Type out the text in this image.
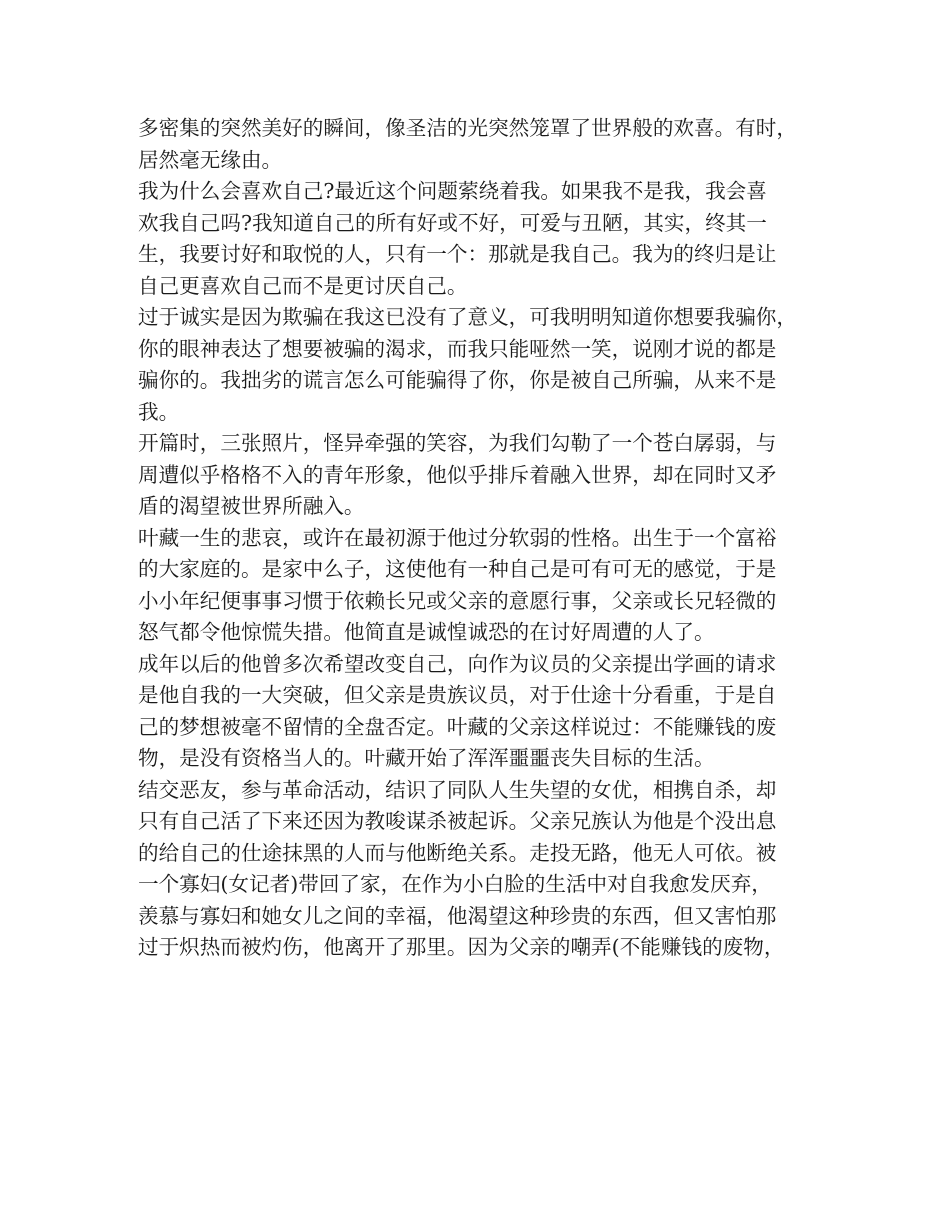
多密集的突然美好的瞬间，像圣洁的光突然笼罩了世界般的欢喜。有时，
居然毫无缘由。
我为什么会喜欢自己?最近这个问题萦绕着我。如果我不是我，我会喜
欢我自己吗?我知道自己的所有好或不好，可爱与丑陋，其实，终其一
生，我要讨好和取悦的人，只有一个：那就是我自己。我为的终归是让
自己更喜欢自己而不是更讨厌自己。
过于诚实是因为欺骗在我这已没有了意义，可我明明知道你想要我骗你，
你的眼神表达了想要被骗的渴求，而我只能哑然一笑，说刚才说的都是
骗你的。我拙劣的谎言怎么可能骗得了你，你是被自己所骗，从来不是
我。
开篇时，三张照片，怪异牵强的笑容，为我们勾勒了一个苍白孱弱，与
周遭似乎格格不入的青年形象，他似乎排斥着融入世界，却在同时又矛
盾的渴望被世界所融入。
叶藏一生的悲哀，或许在最初源于他过分软弱的性格。出生于一个富裕
的大家庭的。是家中么子，这使他有一种自己是可有可无的感觉，于是
小小年纪便事事习惯于依赖长兄或父亲的意愿行事，父亲或长兄轻微的
怒气都令他惊慌失措。他简直是诚惶诚恐的在讨好周遭的人了。
成年以后的他曾多次希望改变自己，向作为议员的父亲提出学画的请求
是他自我的一大突破，但父亲是贵族议员，对于仕途十分看重，于是自
己的梦想被毫不留情的全盘否定。叶藏的父亲这样说过：不能赚钱的废
物，是没有资格当人的。叶藏开始了浑浑噩噩丧失目标的生活。
结交恶友，参与革命活动，结识了同队人生失望的女优，相携自杀，却
只有自己活了下来还因为教唆谋杀被起诉。父亲兄族认为他是个没出息
的给自己的仕途抹黑的人而与他断绝关系。走投无路，他无人可依。被
一个寡妇(女记者)带回了家，在作为小白脸的生活中对自我愈发厌弃，
羡慕与寡妇和她女儿之间的幸福，他渴望这种珍贵的东西，但又害怕那
过于炽热而被灼伤，他离开了那里。因为父亲的嘲弄(不能赚钱的废物，
